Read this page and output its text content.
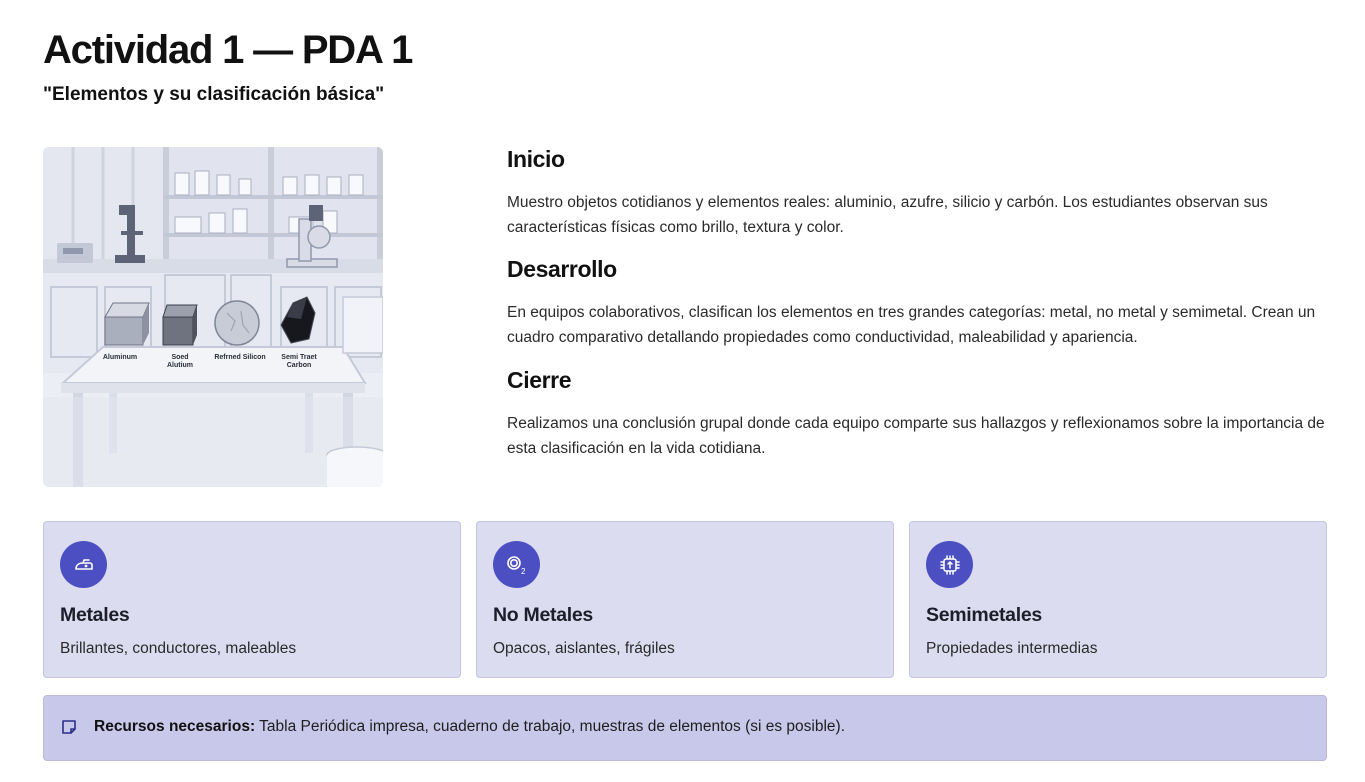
Actividad 1 — PDA 1
"Elementos y su clasificación básica"
Aluminum	Soed
Alutium
Refrned Silicon Semi Traet
Carbon
Inicio

Muestro objetos cotidianos y elementos reales: aluminio, azufre, silicio y carbón. Los estudiantes observan sus características físicas como brillo, textura y color.

Desarrollo

En equipos colaborativos, clasifican los elementos en tres grandes categorías: metal, no metal y semimetal. Crean un cuadro comparativo detallando propiedades como conductividad, maleabilidad y apariencia.

Cierre

Realizamos una conclusión grupal donde cada equipo comparte sus hallazgos y reflexionamos sobre la importancia de esta clasificación en la vida cotidiana.

Metales
Brillantes, conductores, maleables
2
No Metales
Opacos, aislantes, frágiles
Semimetales
Propiedades intermedias
Recursos necesarios: Tabla Periódica impresa, cuaderno de trabajo, muestras de elementos (si es posible).
